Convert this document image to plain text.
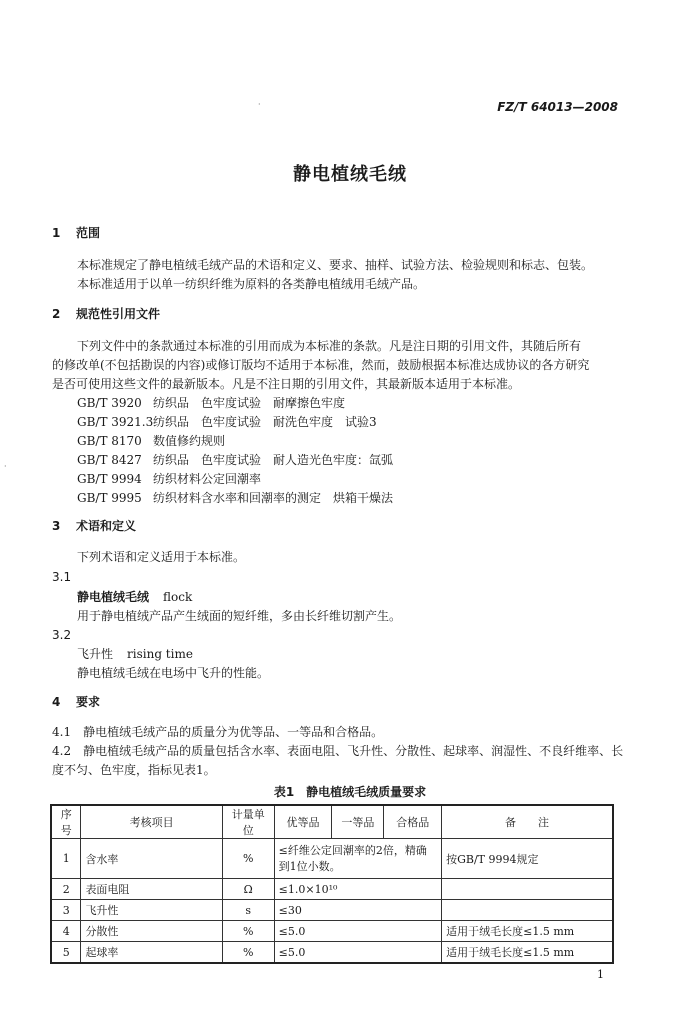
·
·
FZ/T 64013—2008
静电植绒毛绒
1 范围
本标准规定了静电植绒毛绒产品的术语和定义、要求、抽样、试验方法、检验规则和标志、包装。
本标准适用于以单一纺织纤维为原料的各类静电植绒用毛绒产品。
2 规范性引用文件
下列文件中的条款通过本标准的引用而成为本标准的条款。凡是注日期的引用文件，其随后所有
的修改单(不包括勘误的内容)或修订版均不适用于本标准，然而，鼓励根据本标准达成协议的各方研究
是否可使用这些文件的最新版本。凡是不注日期的引用文件，其最新版本适用于本标准。
GB/T 3920 纺织品　色牢度试验　耐摩擦色牢度
GB/T 3921.3纺织品　色牢度试验　耐洗色牢度　试验3
GB/T 8170 数值修约规则
GB/T 8427 纺织品　色牢度试验　耐人造光色牢度：氙弧
GB/T 9994 纺织材料公定回潮率
GB/T 9995 纺织材料含水率和回潮率的测定　烘箱干燥法
3 术语和定义
下列术语和定义适用于本标准。
3.1
静电植绒毛绒 flock
用于静电植绒产品产生绒面的短纤维，多由长纤维切割产生。
3.2
飞升性 rising time
静电植绒毛绒在电场中飞升的性能。
4 要求
4.1　静电植绒毛绒产品的质量分为优等品、一等品和合格品。
4.2　静电植绒毛绒产品的质量包括含水率、表面电阻、飞升性、分散性、起球率、润湿性、不良纤维率、长
度不匀、色牢度，指标见表1。
表1　静电植绒毛绒质量要求
序号	考核项目	计量单位	优等品	一等品	合格品	备　　注
1	含水率	%	≤纤维公定回潮率的2倍，精确到1位小数。			按GB/T 9994规定
2	表面电阻	Ω	≤1.0×10¹⁰			
3	飞升性	s	≤30			
4	分散性	%	≤5.0			适用于绒毛长度≤1.5 mm
5	起球率	%	≤5.0			适用于绒毛长度≤1.5 mm
1
